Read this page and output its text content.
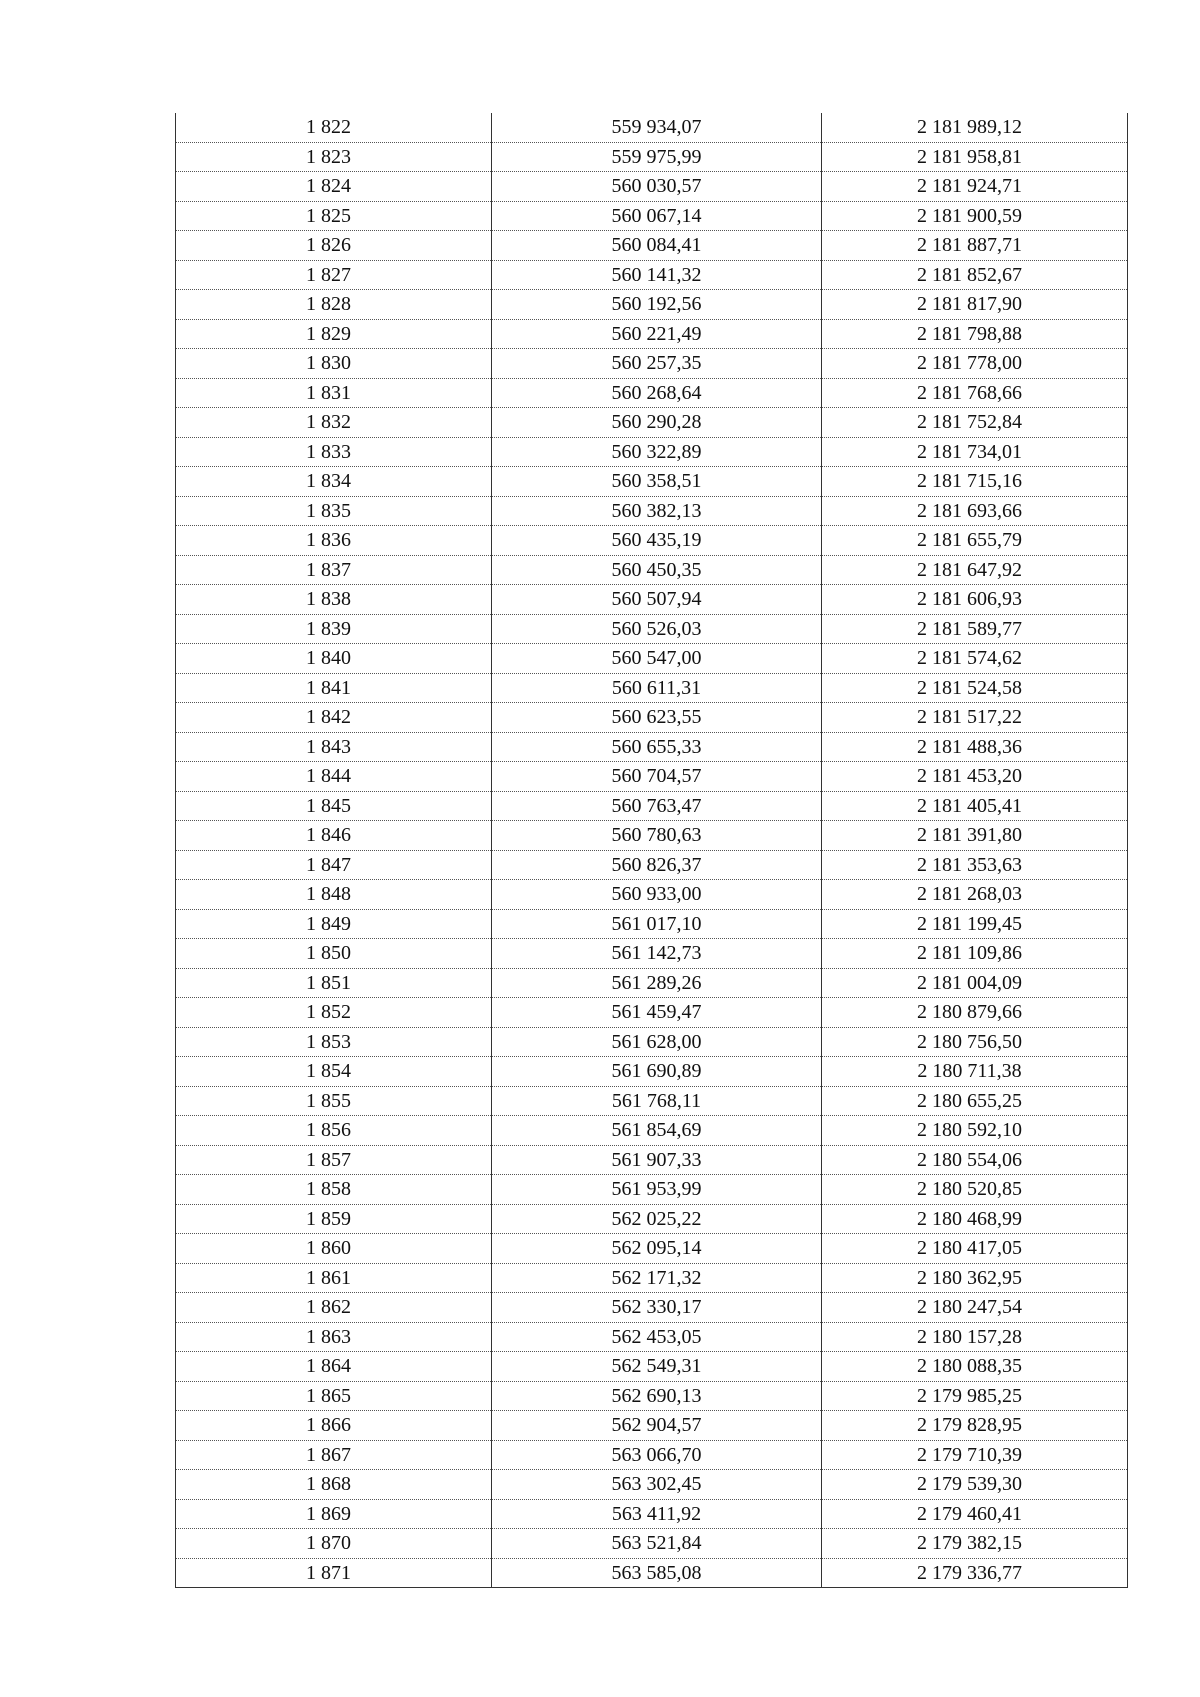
1 822	559 934,07	2 181 989,12
1 823	559 975,99	2 181 958,81
1 824	560 030,57	2 181 924,71
1 825	560 067,14	2 181 900,59
1 826	560 084,41	2 181 887,71
1 827	560 141,32	2 181 852,67
1 828	560 192,56	2 181 817,90
1 829	560 221,49	2 181 798,88
1 830	560 257,35	2 181 778,00
1 831	560 268,64	2 181 768,66
1 832	560 290,28	2 181 752,84
1 833	560 322,89	2 181 734,01
1 834	560 358,51	2 181 715,16
1 835	560 382,13	2 181 693,66
1 836	560 435,19	2 181 655,79
1 837	560 450,35	2 181 647,92
1 838	560 507,94	2 181 606,93
1 839	560 526,03	2 181 589,77
1 840	560 547,00	2 181 574,62
1 841	560 611,31	2 181 524,58
1 842	560 623,55	2 181 517,22
1 843	560 655,33	2 181 488,36
1 844	560 704,57	2 181 453,20
1 845	560 763,47	2 181 405,41
1 846	560 780,63	2 181 391,80
1 847	560 826,37	2 181 353,63
1 848	560 933,00	2 181 268,03
1 849	561 017,10	2 181 199,45
1 850	561 142,73	2 181 109,86
1 851	561 289,26	2 181 004,09
1 852	561 459,47	2 180 879,66
1 853	561 628,00	2 180 756,50
1 854	561 690,89	2 180 711,38
1 855	561 768,11	2 180 655,25
1 856	561 854,69	2 180 592,10
1 857	561 907,33	2 180 554,06
1 858	561 953,99	2 180 520,85
1 859	562 025,22	2 180 468,99
1 860	562 095,14	2 180 417,05
1 861	562 171,32	2 180 362,95
1 862	562 330,17	2 180 247,54
1 863	562 453,05	2 180 157,28
1 864	562 549,31	2 180 088,35
1 865	562 690,13	2 179 985,25
1 866	562 904,57	2 179 828,95
1 867	563 066,70	2 179 710,39
1 868	563 302,45	2 179 539,30
1 869	563 411,92	2 179 460,41
1 870	563 521,84	2 179 382,15
1 871	563 585,08	2 179 336,77
